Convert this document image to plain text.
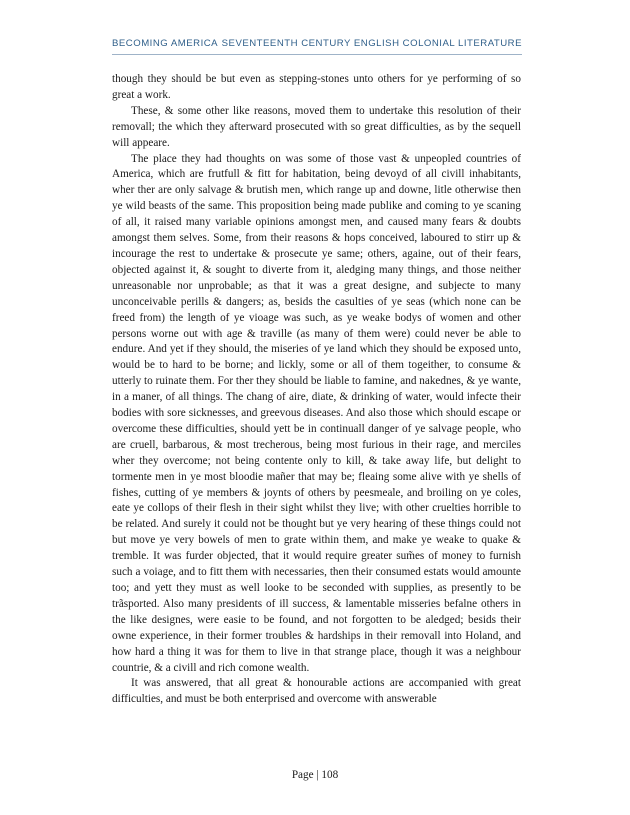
BECOMING AMERICA SEVENTEENTH CENTURY ENGLISH COLONIAL LITERATURE

though they should be but even as stepping-stones unto others for ye performing of so great a work.

These, & some other like reasons, moved them to undertake this resolution of their removall; the which they afterward prosecuted with so great difficulties, as by the sequell will appeare.

The place they had thoughts on was some of those vast & unpeopled countries of America, which are frutfull & fitt for habitation, being devoyd of all civill inhabitants, wher ther are only salvage & brutish men, which range up and downe, litle otherwise then ye wild beasts of the same. This proposition being made publike and coming to ye scaning of all, it raised many variable opinions amongst men, and caused many fears & doubts amongst them selves. Some, from their reasons & hops conceived, laboured to stirr up & incourage the rest to undertake & prosecute ye same; others, againe, out of their fears, objected against it, & sought to diverte from it, aledging many things, and those neither unreasonable nor unprobable; as that it was a great designe, and subjecte to many unconceivable perills & dangers; as, besids the casulties of ye seas (which none can be freed from) the length of ye vioage was such, as ye weake bodys of women and other persons worne out with age & traville (as many of them were) could never be able to endure. And yet if they should, the miseries of ye land which they should be exposed unto, would be to hard to be borne; and lickly, some or all of them togeither, to consume & utterly to ruinate them. For ther they should be liable to famine, and nakednes, & ye wante, in a maner, of all things. The chang of aire, diate, & drinking of water, would infecte their bodies with sore sicknesses, and greevous diseases. And also those which should escape or overcome these difficulties, should yett be in continuall danger of ye salvage people, who are cruell, barbarous, & most trecherous, being most furious in their rage, and merciles wher they overcome; not being contente only to kill, & take away life, but delight to tormente men in ye most bloodie mañer that may be; fleaing some alive with ye shells of fishes, cutting of ye members & joynts of others by peesmeale, and broiling on ye coles, eate ye collops of their flesh in their sight whilst they live; with other cruelties horrible to be related. And surely it could not be thought but ye very hearing of these things could not but move ye very bowels of men to grate within them, and make ye weake to quake & tremble. It was furder objected, that it would require greater sum̃es of money to furnish such a voiage, and to fitt them with necessaries, then their consumed estats would amounte too; and yett they must as well looke to be seconded with supplies, as presently to be trãsported. Also many presidents of ill success, & lamentable misseries befalne others in the like designes, were easie to be found, and not forgotten to be aledged; besids their owne experience, in their former troubles & hardships in their removall into Holand, and how hard a thing it was for them to live in that strange place, though it was a neighbour countrie, & a civill and rich comone wealth.

It was answered, that all great & honourable actions are accompanied with great difficulties, and must be both enterprised and overcome with answerable

Page | 108
